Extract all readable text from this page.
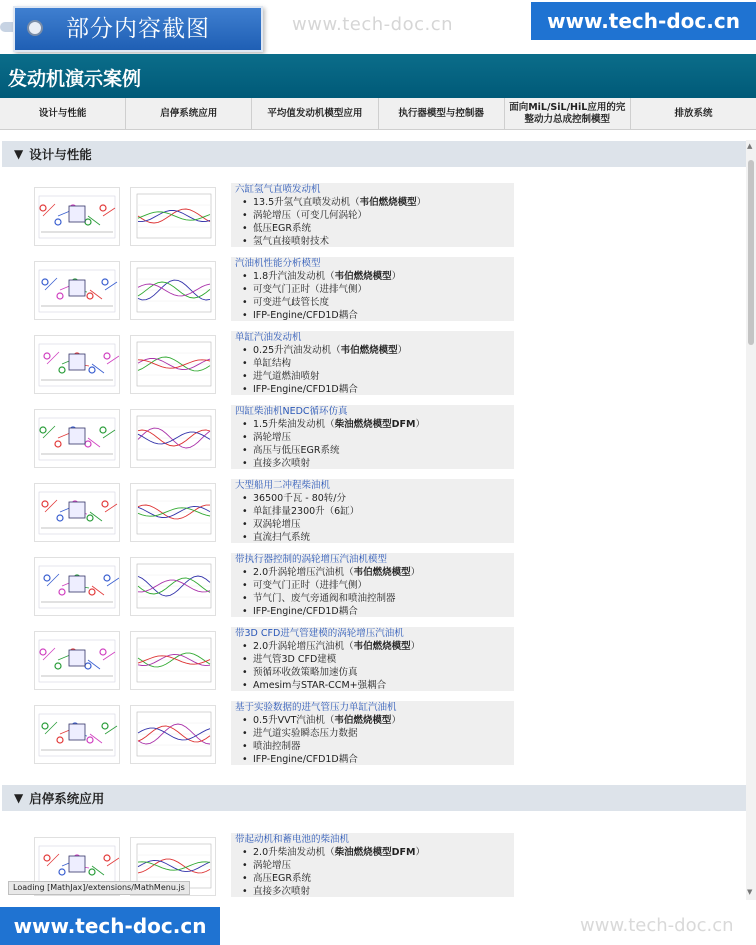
部分内容截图	www.tech-doc.cn	www.tech-doc.cn
发动机演示案例
设计与性能	启停系统应用	平均值发动机模型应用	执行器模型与控制器
面向MiL/SiL/HiL应用的完整动力总成控制模型
排放系统
▼ 设计与性能
六缸氢气直喷发动机
• 13.5升氢气直喷发动机（韦伯燃烧模型）
• 涡轮增压（可变几何涡轮）
• 低压EGR系统
• 氢气直接喷射技术
汽油机性能分析模型
• 1.8升汽油发动机（韦伯燃烧模型）
• 可变气门正时（进排气侧）
• 可变进气歧管长度
• IFP-Engine/CFD1D耦合
单缸汽油发动机
• 0.25升汽油发动机（韦伯燃烧模型）
• 单缸结构
• 进气道燃油喷射
• IFP-Engine/CFD1D耦合
四缸柴油机NEDC循环仿真
• 1.5升柴油发动机（柴油燃烧模型DFM）
• 涡轮增压
• 高压与低压EGR系统
• 直接多次喷射
大型船用二冲程柴油机
• 36500千瓦 - 80转/分
• 单缸排量2300升（6缸）
• 双涡轮增压
• 直流扫气系统
带执行器控制的涡轮增压汽油机模型
• 2.0升涡轮增压汽油机（韦伯燃烧模型）
• 可变气门正时（进排气侧）
• 节气门、废气旁通阀和喷油控制器
• IFP-Engine/CFD1D耦合
带3D CFD进气管建模的涡轮增压汽油机
• 2.0升涡轮增压汽油机（韦伯燃烧模型）
• 进气管3D CFD建模
• 预循环收敛策略加速仿真
• Amesim与STAR-CCM+强耦合
基于实验数据的进气管压力单缸汽油机
• 0.5升VVT汽油机（韦伯燃烧模型）
• 进气道实验瞬态压力数据
• 喷油控制器
• IFP-Engine/CFD1D耦合
▼ 启停系统应用
带起动机和蓄电池的柴油机
• 2.0升柴油发动机（柴油燃烧模型DFM）
• 涡轮增压
• 高压EGR系统
• 直接多次喷射
▲
▼
Loading [MathJax]/extensions/MathMenu.js
www.tech-doc.cn	www.tech-doc.cn
